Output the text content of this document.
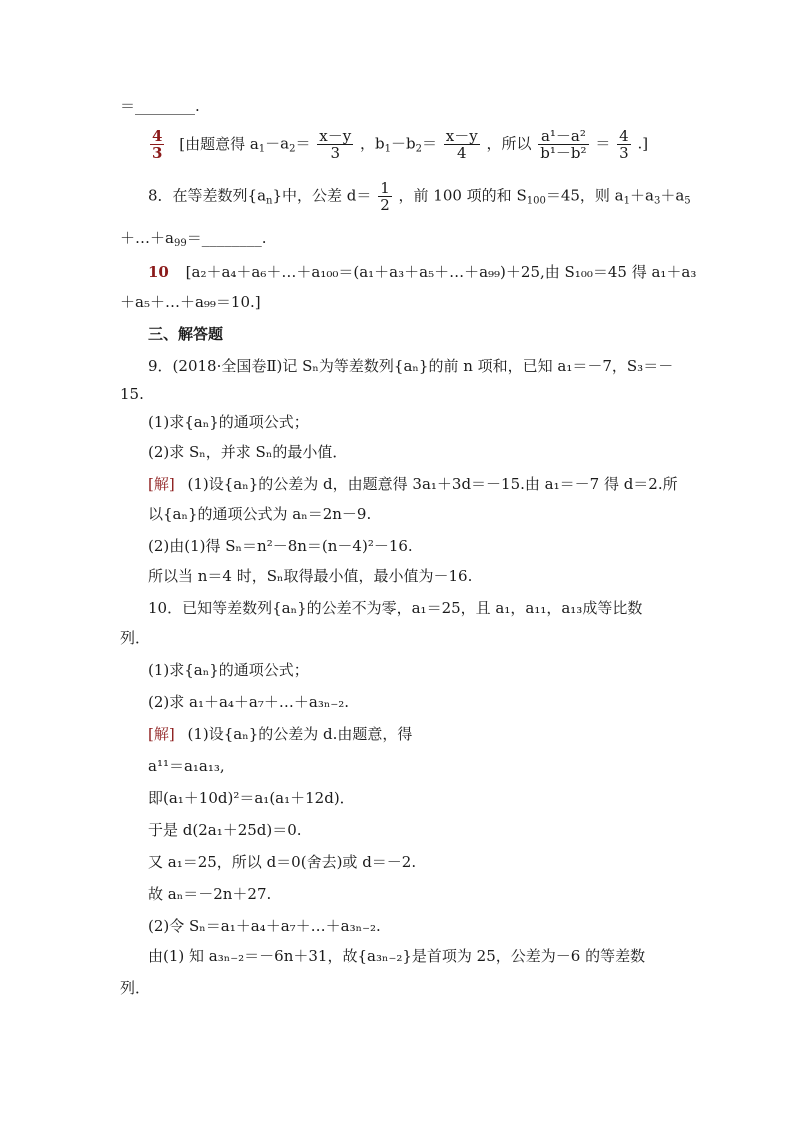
＝________.
$\frac{4}{3}$ [由题意得 $a_1-a_2= \frac{x-y}{3}$ ，$b_1-b_2= \frac{x-y}{4}$ ，所以 $\frac{\text{a¹－a²}}{\text{b¹－b²}} = \frac{4}{3}$ .]
8．在等差数列$\{a_n\}$中，公差 $d= \frac{1}{2}$ ，前 100 项的和 $S_{100}=45$，则 $a_1+a_3+a_5$
$+\dots+a_{99}=\_\_\_\_\_\_\_\_$.
10 [a₂＋a₄＋a₆＋…＋a₁₀₀＝(a₁＋a₃＋a₅＋…＋a₉₉)＋25,由 S₁₀₀＝45 得 a₁＋a₃
＋a₅＋…＋a₉₉＝10.]
三、解答题
9．(2018·全国卷Ⅱ)记 Sₙ为等差数列{aₙ}的前 n 项和，已知 a₁＝－7，S₃＝－
15.
(1)求{aₙ}的通项公式；
(2)求 Sₙ，并求 Sₙ的最小值．
[解] (1)设{aₙ}的公差为 d，由题意得 3a₁＋3d＝－15.由 a₁＝－7 得 d＝2.所
以{aₙ}的通项公式为 aₙ＝2n－9.
(2)由(1)得 Sₙ＝n²－8n＝(n－4)²－16.
所以当 n＝4 时，Sₙ取得最小值，最小值为－16.
10．已知等差数列{aₙ}的公差不为零，a₁＝25，且 a₁，a₁₁，a₁₃成等比数
列．
(1)求{aₙ}的通项公式；
(2)求 a₁＋a₄＋a₇＋…＋a₃ₙ₋₂.
[解] (1)设{aₙ}的公差为 d.由题意，得
a¹¹＝a₁a₁₃,
即(a₁＋10d)²＝a₁(a₁＋12d)．
于是 d(2a₁＋25d)＝0.
又 a₁＝25，所以 d＝0(舍去)或 d＝－2.
故 aₙ＝－2n＋27.
(2)令 Sₙ＝a₁＋a₄＋a₇＋…＋a₃ₙ₋₂.
由(1) 知 a₃ₙ₋₂＝－6n＋31，故{a₃ₙ₋₂}是首项为 25，公差为－6 的等差数
列．
